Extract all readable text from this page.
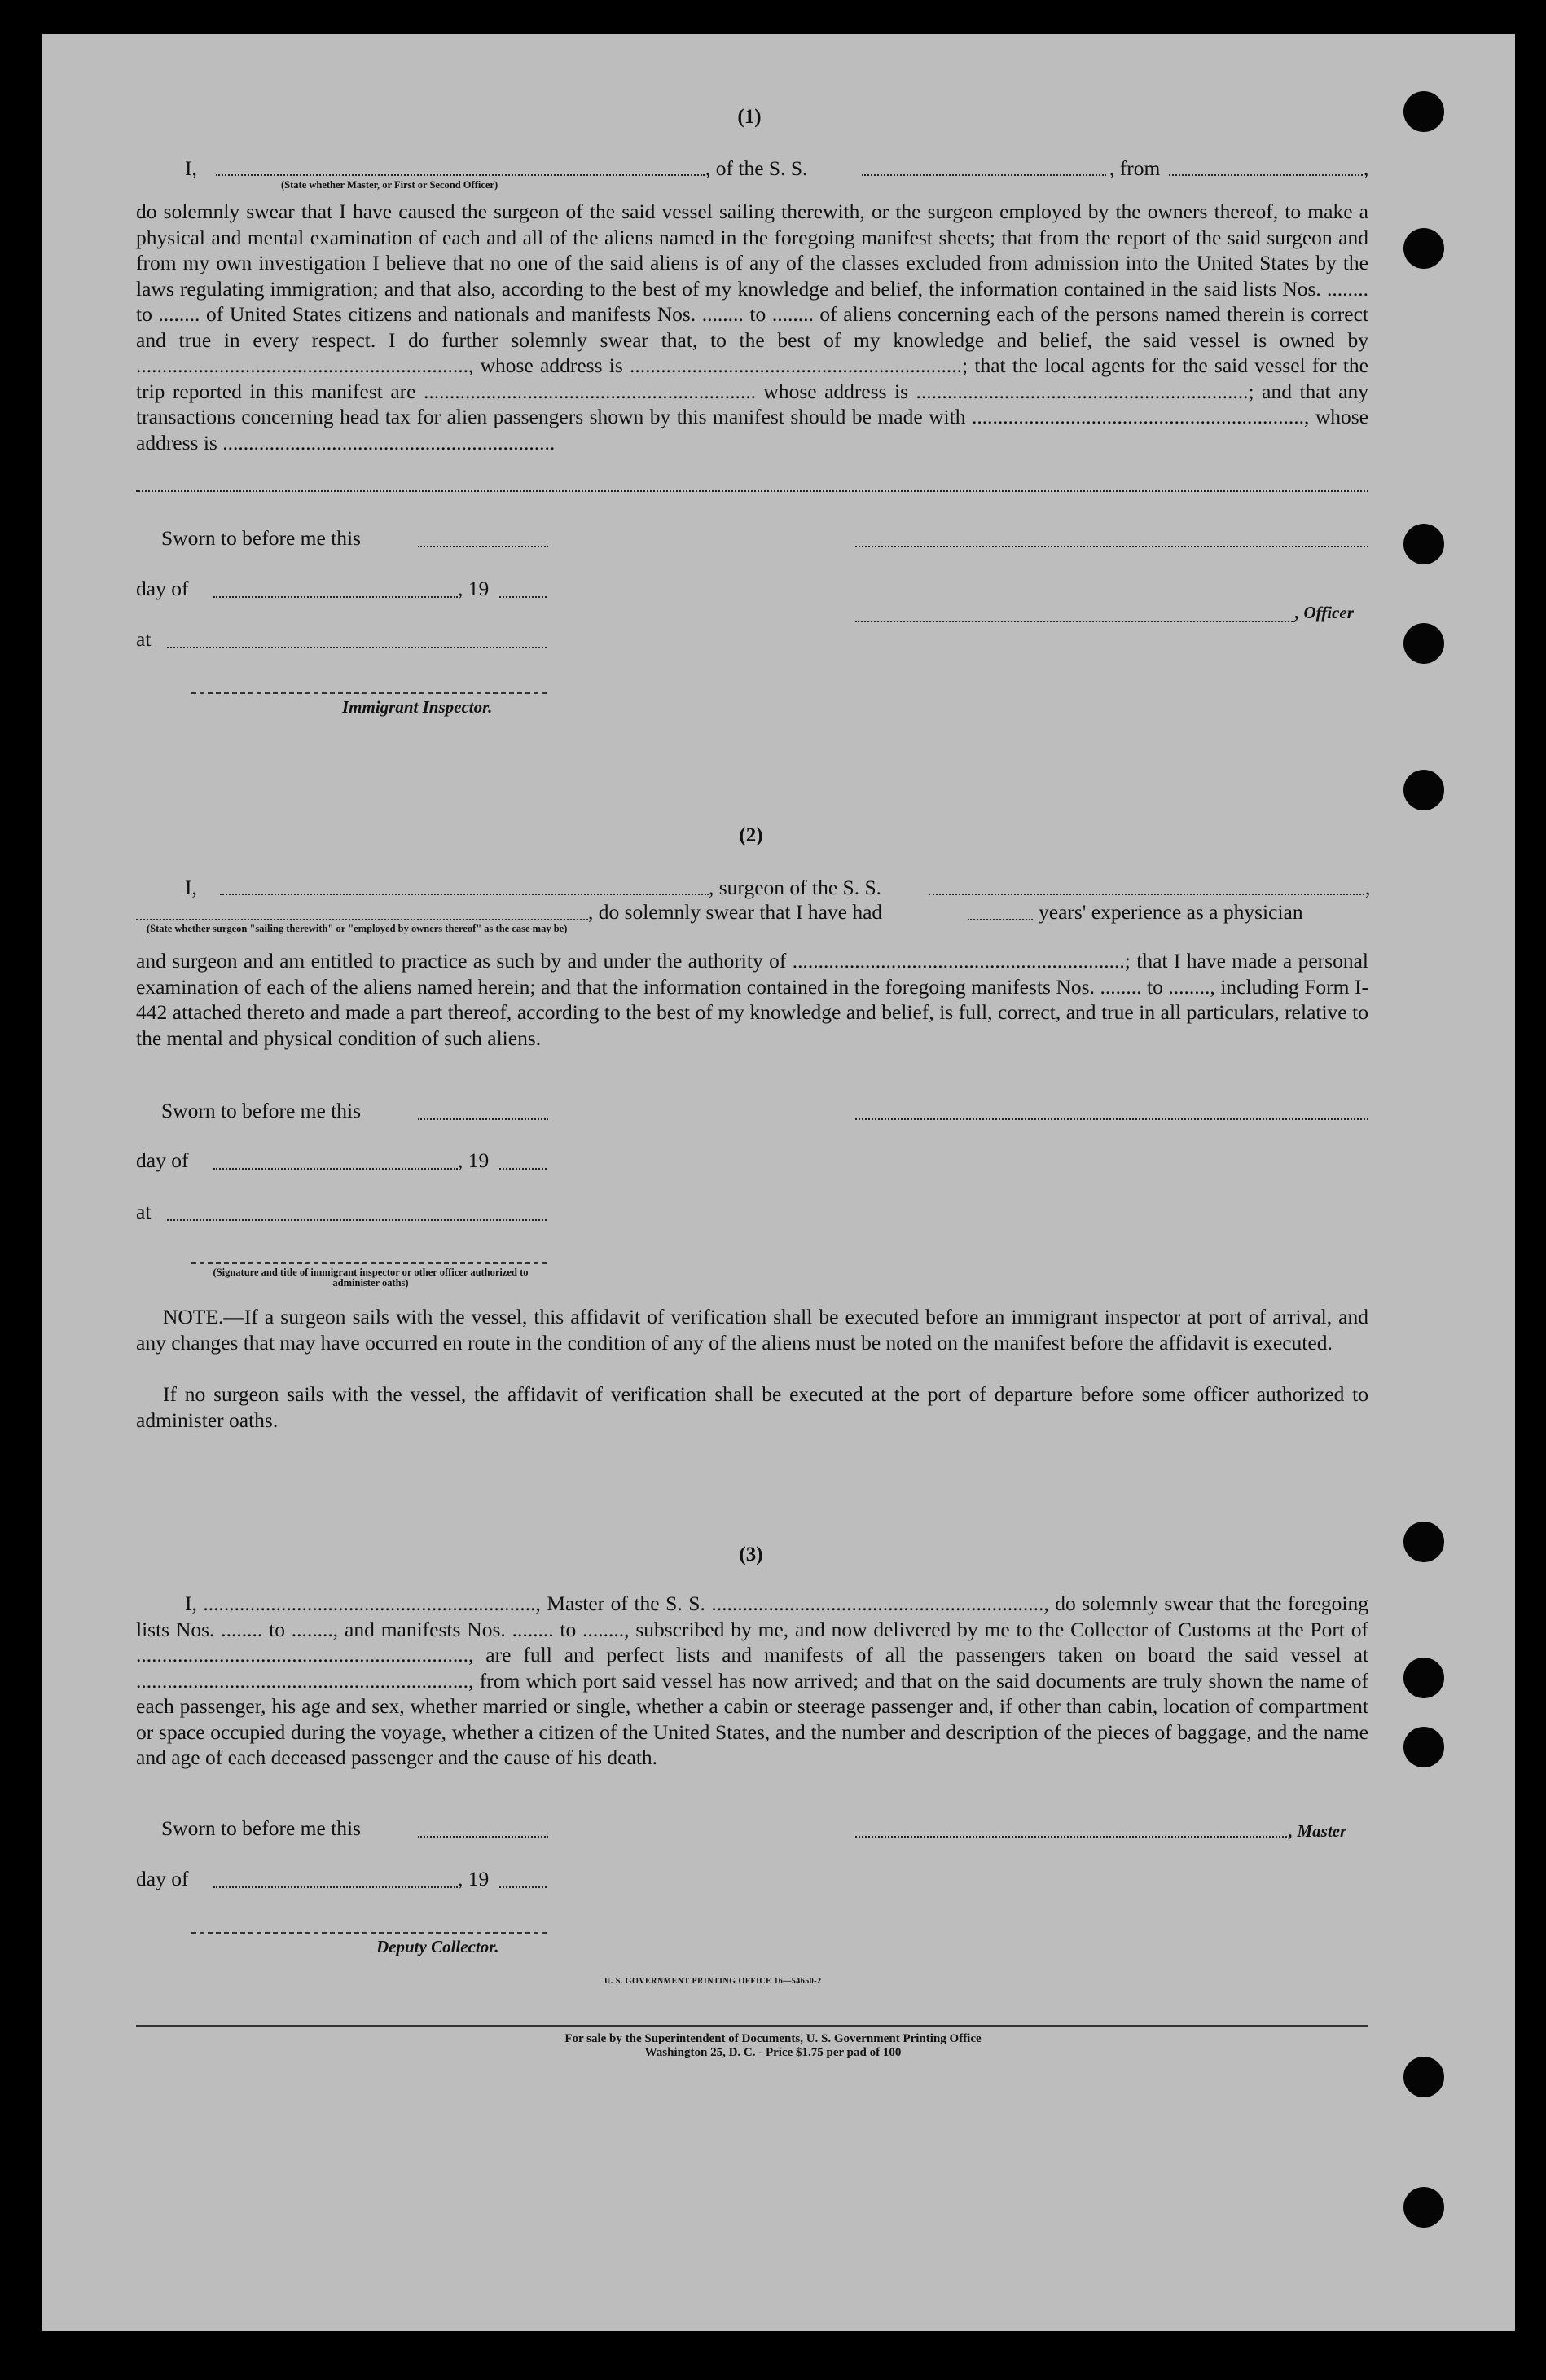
(1)
I,	, of the S. S.	, from	,
(State whether Master, or First or Second Officer)

do solemnly swear that I have caused the surgeon of the said vessel sailing therewith, or the surgeon employed by the owners thereof, to make a physical and mental examination of each and all of the aliens named in the foregoing manifest sheets; that from the report of the said surgeon and from my own investigation I believe that no one of the said aliens is of any of the classes excluded from admission into the United States by the laws regulating immigration; and that also, according to the best of my knowledge and belief, the information contained in the said lists Nos. ........ to ........ of United States citizens and nationals and manifests Nos. ........ to ........ of aliens concerning each of the persons named therein is correct and true in every respect. I do further solemnly swear that, to the best of my knowledge and belief, the said vessel is owned by ................................................................, whose address is ................................................................; that the local agents for the said vessel for the trip reported in this manifest are ................................................................ whose address is ................................................................; and that any transactions concerning head tax for alien passengers shown by this manifest should be made with ................................................................, whose address is ................................................................

Sworn to before me this
day of	, 19
, Officer
at
Immigrant Inspector.
(2)
I,	, surgeon of the S. S.	,
, do solemnly swear that I have had	years' experience as a physician
(State whether surgeon "sailing therewith" or "employed by owners thereof" as the case may be)

and surgeon and am entitled to practice as such by and under the authority of ................................................................; that I have made a personal examination of each of the aliens named herein; and that the information contained in the foregoing manifests Nos. ........ to ........, including Form I-442 attached thereto and made a part thereof, according to the best of my knowledge and belief, is full, correct, and true in all particulars, relative to the mental and physical condition of such aliens.

Sworn to before me this
day of	, 19
at
(Signature and title of immigrant inspector or other officer authorized to administer oaths)

NOTE.—If a surgeon sails with the vessel, this affidavit of verification shall be executed before an immigrant inspector at port of arrival, and any changes that may have occurred en route in the condition of any of the aliens must be noted on the manifest before the affidavit is executed.

If no surgeon sails with the vessel, the affidavit of verification shall be executed at the port of departure before some officer authorized to administer oaths.

(3)

I, ................................................................, Master of the S. S. ................................................................, do solemnly swear that the foregoing lists Nos. ........ to ........, and manifests Nos. ........ to ........, subscribed by me, and now delivered by me to the Collector of Customs at the Port of ................................................................, are full and perfect lists and manifests of all the passengers taken on board the said vessel at ................................................................, from which port said vessel has now arrived; and that on the said documents are truly shown the name of each passenger, his age and sex, whether married or single, whether a cabin or steerage passenger and, if other than cabin, location of compartment or space occupied during the voyage, whether a citizen of the United States, and the number and description of the pieces of baggage, and the name and age of each deceased passenger and the cause of his death.

Sworn to before me this	, Master
day of	, 19
Deputy Collector.
U. S. GOVERNMENT PRINTING OFFICE 16—54650-2
For sale by the Superintendent of Documents, U. S. Government Printing Office
Washington 25, D. C. - Price $1.75 per pad of 100
